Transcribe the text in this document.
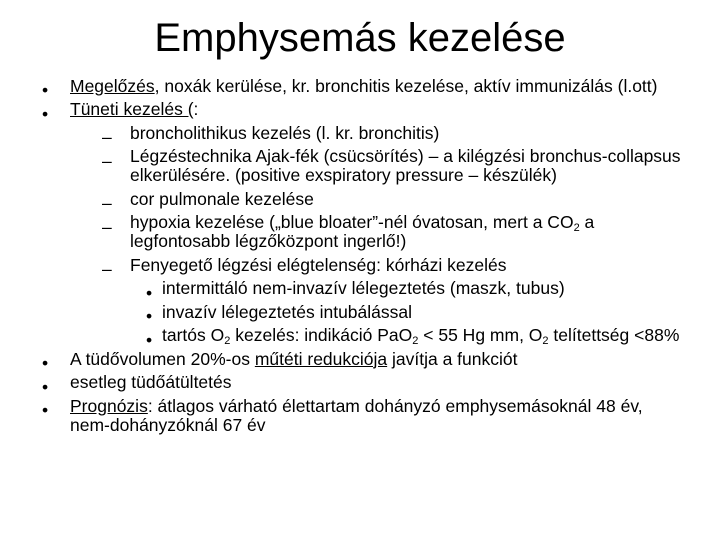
Emphysemás kezelése
• Megelőzés, noxák kerülése, kr. bronchitis kezelése, aktív immunizálás (l.ott)
• Tüneti kezelés (:
– broncholithikus kezelés (l. kr. bronchitis)
– Légzéstechnika Ajak-fék (csücsörítés) – a kilégzési bronchus-collapsus elkerülésére. (positive exspiratory pressure – készülék)
– cor pulmonale kezelése
– hypoxia kezelése („blue bloater”-nél óvatosan, mert a $CO_2$ a legfontosabb légzőközpont ingerlő!)
– Fenyegető légzési elégtelenség: kórházi kezelés
• intermittáló nem-invazív lélegeztetés (maszk, tubus)
• invazív lélegeztetés intubálással
• tartós $O_2$ kezelés: indikáció PaO$_2$ < 55 Hg mm, $O_2$ telítettség <88%
• A tüdővolumen 20%-os műtéti redukciója javítja a funkciót
• esetleg tüdőátültetés
• Prognózis: átlagos várható élettartam dohányzó emphysemásoknál 48 év, nem-dohányzóknál 67 év
